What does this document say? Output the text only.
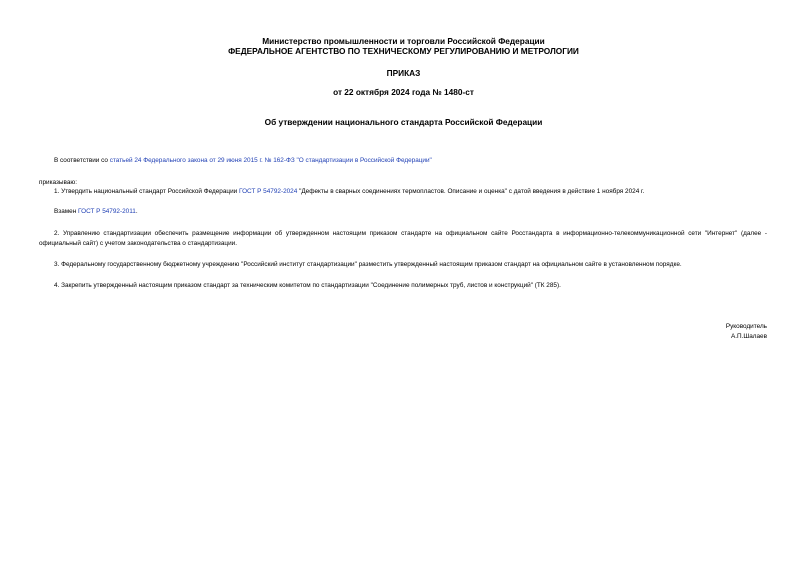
Министерство промышленности и торговли Российской Федерации
ФЕДЕРАЛЬНОЕ АГЕНТСТВО ПО ТЕХНИЧЕСКОМУ РЕГУЛИРОВАНИЮ И МЕТРОЛОГИИ
ПРИКАЗ
от 22 октября 2024 года № 1480-ст
Об утверждении национального стандарта Российской Федерации
В соответствии со статьей 24 Федерального закона от 29 июня 2015 г. № 162-ФЗ "О стандартизации в Российской Федерации"
приказываю:
1. Утвердить национальный стандарт Российской Федерации ГОСТ Р 54792-2024 "Дефекты в сварных соединениях термопластов. Описание и оценка" с датой введения в действие 1 ноября 2024 г.
Взамен ГОСТ Р 54792-2011.
2. Управлению стандартизации обеспечить размещение информации об утвержденном настоящим приказом стандарте на официальном сайте Росстандарта в информационно-телекоммуникационной сети "Интернет" (далее - официальный сайт) с учетом законодательства о стандартизации.
3. Федеральному государственному бюджетному учреждению "Российский институт стандартизации" разместить утвержденный настоящим приказом стандарт на официальном сайте в установленном порядке.
4. Закрепить утвержденный настоящим приказом стандарт за техническим комитетом по стандартизации "Соединение полимерных труб, листов и конструкций" (ТК 285).
Руководитель
А.П.Шалаев
